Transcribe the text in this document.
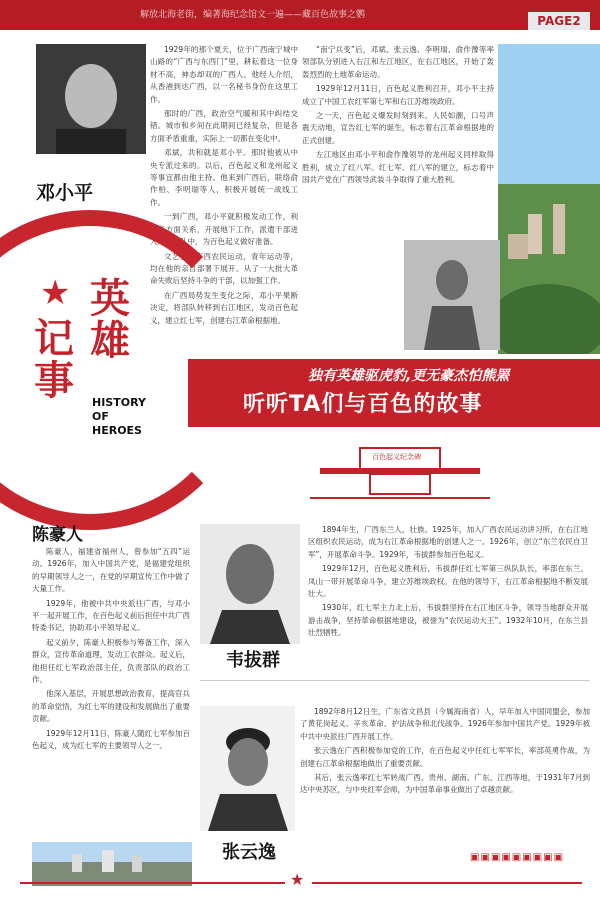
解放北海老街，编著海纪念馆文一遍——藏百色故事之鹦	PAGE2
邓小平

1929年的那个夏天，位于广西南宁城中山路的“广西与东西门”里，耕耘着这一位身材不高，神态却双的广西人。他经人介绍，从香港到达广西，以一名秘书身份在这里工作。

那时的广西，政治空气暖和其中纠结交错。城市和乡间在此期间已经复杂，但是各方面矛盾重重，实际上一切都在变化中。

邓斌，共和就是邓小平。那时他被从中央专派过来的。以后，百色起义和龙州起义等事宜都由他主持。他来到广西后，联络俞作柏、李明瑞等人，积极开展统一战线工作。

一到广西，邓小平就积极发动工作，利用各方面关系，开展地下工作，派遣干部进入广西军队中，为百色起义做好准备。

文艺室，广西农民运动，青年运动等，均在他的亲自部署下展开。从了一大批大革命失败后坚持斗争的干部，以加强工作。

在广西局势发生变化之际，邓小平果断决定，将部队转移到右江地区，发动百色起义，建立红七军，创建右江革命根据地。

“南宁兵变”后，邓斌、张云逸、李明瑞、俞作豫等率领部队分别进入右江和左江地区，在右江地区，开始了轰轰烈烈的土地革命运动。

1929年12月11日，百色起义胜利召开，邓小平主持成立了中国工农红军第七军和右江苏维埃政府。

之一天，百色起义爆发时刻到来。人民如潮，口号声震天动地，宣告红七军的诞生，标志着右江革命根据地的正式创建。

左江地区由邓小平和俞作豫领导的龙州起义同样取得胜利，成立了红八军。红七军、红八军的建立，标志着中国共产党在广西领导武装斗争取得了重大胜利。

★ 英雄
记事 HISTORY
OF
HEROES
独有英雄驱虎豹,更无豪杰怕熊罴
听听TA们与百色的故事
百色起义纪念碑
陈豪人

陈豪人，福建省福州人，曾参加“五四”运动。1926年，加入中国共产党，是福建党组织的早期领导人之一，在党的早期宣传工作中做了大量工作。

1929年，他被中共中央派往广西，与邓小平一起开展工作，在百色起义前后担任中共广西特委书记，协助邓小平领导起义。

起义前夕，陈豪人积极参与筹备工作，深入群众，宣传革命道理，发动工农群众。起义后，他担任红七军政治部主任，负责部队的政治工作。

他深入基层，开展思想政治教育，提高官兵的革命觉悟，为红七军的建设和发展做出了重要贡献。

1929年12月11日，陈豪人随红七军参加百色起义，成为红七军的主要领导人之一。

韦拔群

1894年生，广西东兰人，壮族。1925年，加入广西农民运动讲习所，在右江地区组织农民运动，成为右江革命根据地的创建人之一。1926年，创立“东兰农民自卫军”，开展革命斗争。1929年，韦拔群参加百色起义。

1929年12月，百色起义胜利后，韦拔群任红七军第三纵队队长，率部在东兰、凤山一带开展革命斗争，建立苏维埃政权。在他的领导下，右江革命根据地不断发展壮大。

1930年，红七军主力北上后，韦拔群坚持在右江地区斗争，领导当地群众开展游击战争，坚持革命根据地建设，被誉为“农民运动大王”。1932年10月，在东兰县壮烈牺牲。

张云逸

1892年8月12日生，广东省文昌县（今属海南省）人，早年加入中国同盟会，参加了黄花岗起义、辛亥革命、护法战争和北伐战争。1926年参加中国共产党。1929年被中共中央派往广西开展工作。

张云逸在广西积极参加党的工作，在百色起义中任红七军军长，率部英勇作战，为创建右江革命根据地做出了重要贡献。

其后，张云逸率红七军转战广西、贵州、湖南、广东、江西等地，于1931年7月到达中央苏区，与中央红军会师，为中国革命事业做出了卓越贡献。

▣▣▣▣▣▣▣▣▣
★
